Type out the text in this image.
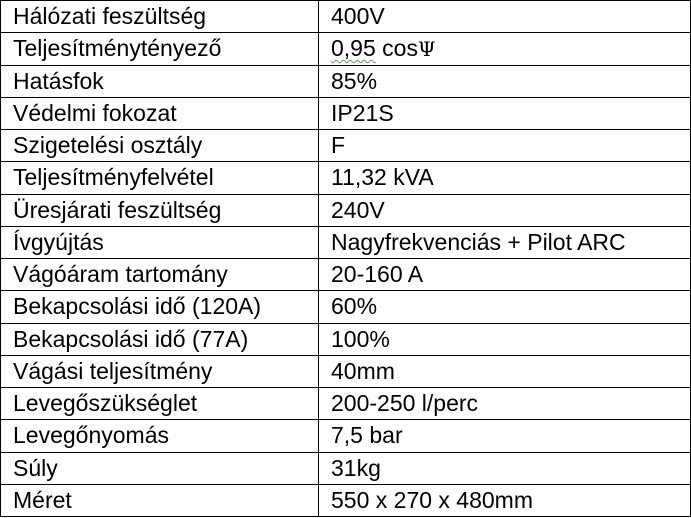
Hálózati feszültség	400V
Teljesítménytényező	0,95 cosΨ
Hatásfok	85%
Védelmi fokozat	IP21S
Szigetelési osztály	F
Teljesítményfelvétel	11,32 kVA
Üresjárati feszültség	240V
Ívgyújtás	Nagyfrekvenciás + Pilot ARC
Vágóáram tartomány	20-160 A
Bekapcsolási idő (120A)	60%
Bekapcsolási idő (77A)	100%
Vágási teljesítmény	40mm
Levegőszükséglet	200-250 l/perc
Levegőnyomás	7,5 bar
Súly	31kg
Méret	550 x 270 x 480mm
